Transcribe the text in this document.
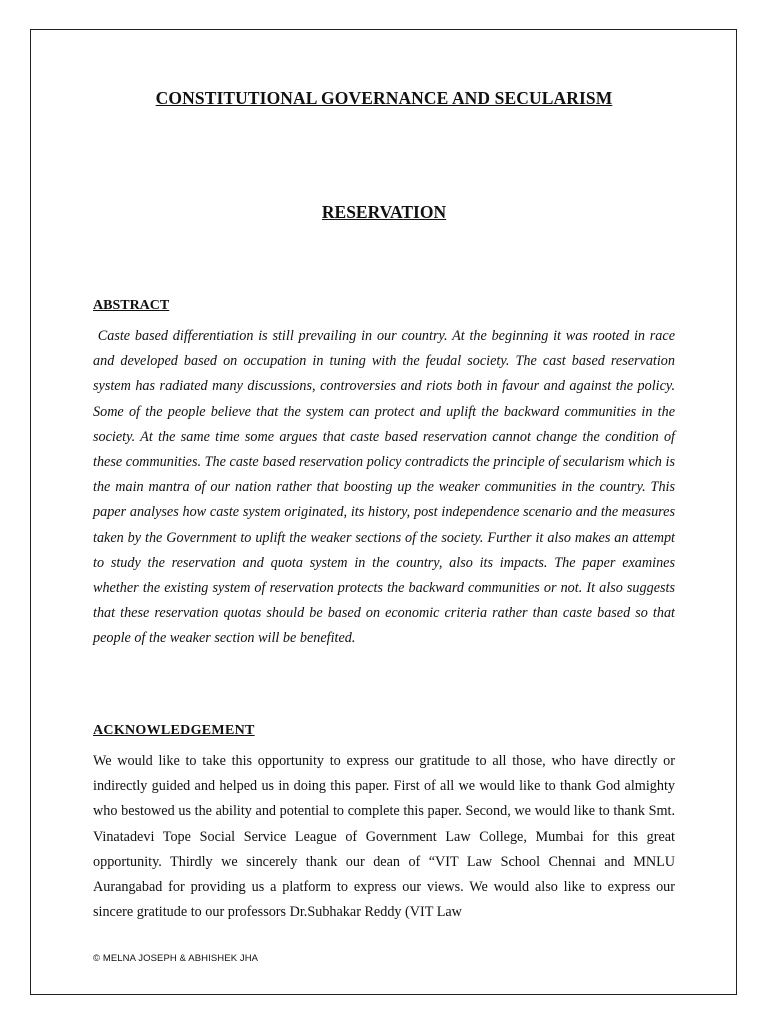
CONSTITUTIONAL GOVERNANCE AND SECULARISM
RESERVATION
ABSTRACT

Caste based differentiation is still prevailing in our country. At the beginning it was rooted in race and developed based on occupation in tuning with the feudal society. The cast based reservation system has radiated many discussions, controversies and riots both in favour and against the policy. Some of the people believe that the system can protect and uplift the backward communities in the society. At the same time some argues that caste based reservation cannot change the condition of these communities. The caste based reservation policy contradicts the principle of secularism which is the main mantra of our nation rather that boosting up the weaker communities in the country. This paper analyses how caste system originated, its history, post independence scenario and the measures taken by the Government to uplift the weaker sections of the society. Further it also makes an attempt to study the reservation and quota system in the country, also its impacts. The paper examines whether the existing system of reservation protects the backward communities or not. It also suggests that these reservation quotas should be based on economic criteria rather than caste based so that people of the weaker section will be benefited.

ACKNOWLEDGEMENT

We would like to take this opportunity to express our gratitude to all those, who have directly or indirectly guided and helped us in doing this paper. First of all we would like to thank God almighty who bestowed us the ability and potential to complete this paper. Second, we would like to thank Smt. Vinatadevi Tope Social Service League of Government Law College, Mumbai for this great opportunity. Thirdly we sincerely thank our dean of “VIT Law School Chennai and MNLU Aurangabad for providing us a platform to express our views. We would also like to express our sincere gratitude to our professors Dr.Subhakar Reddy (VIT Law

© MELNA JOSEPH & ABHISHEK JHA
